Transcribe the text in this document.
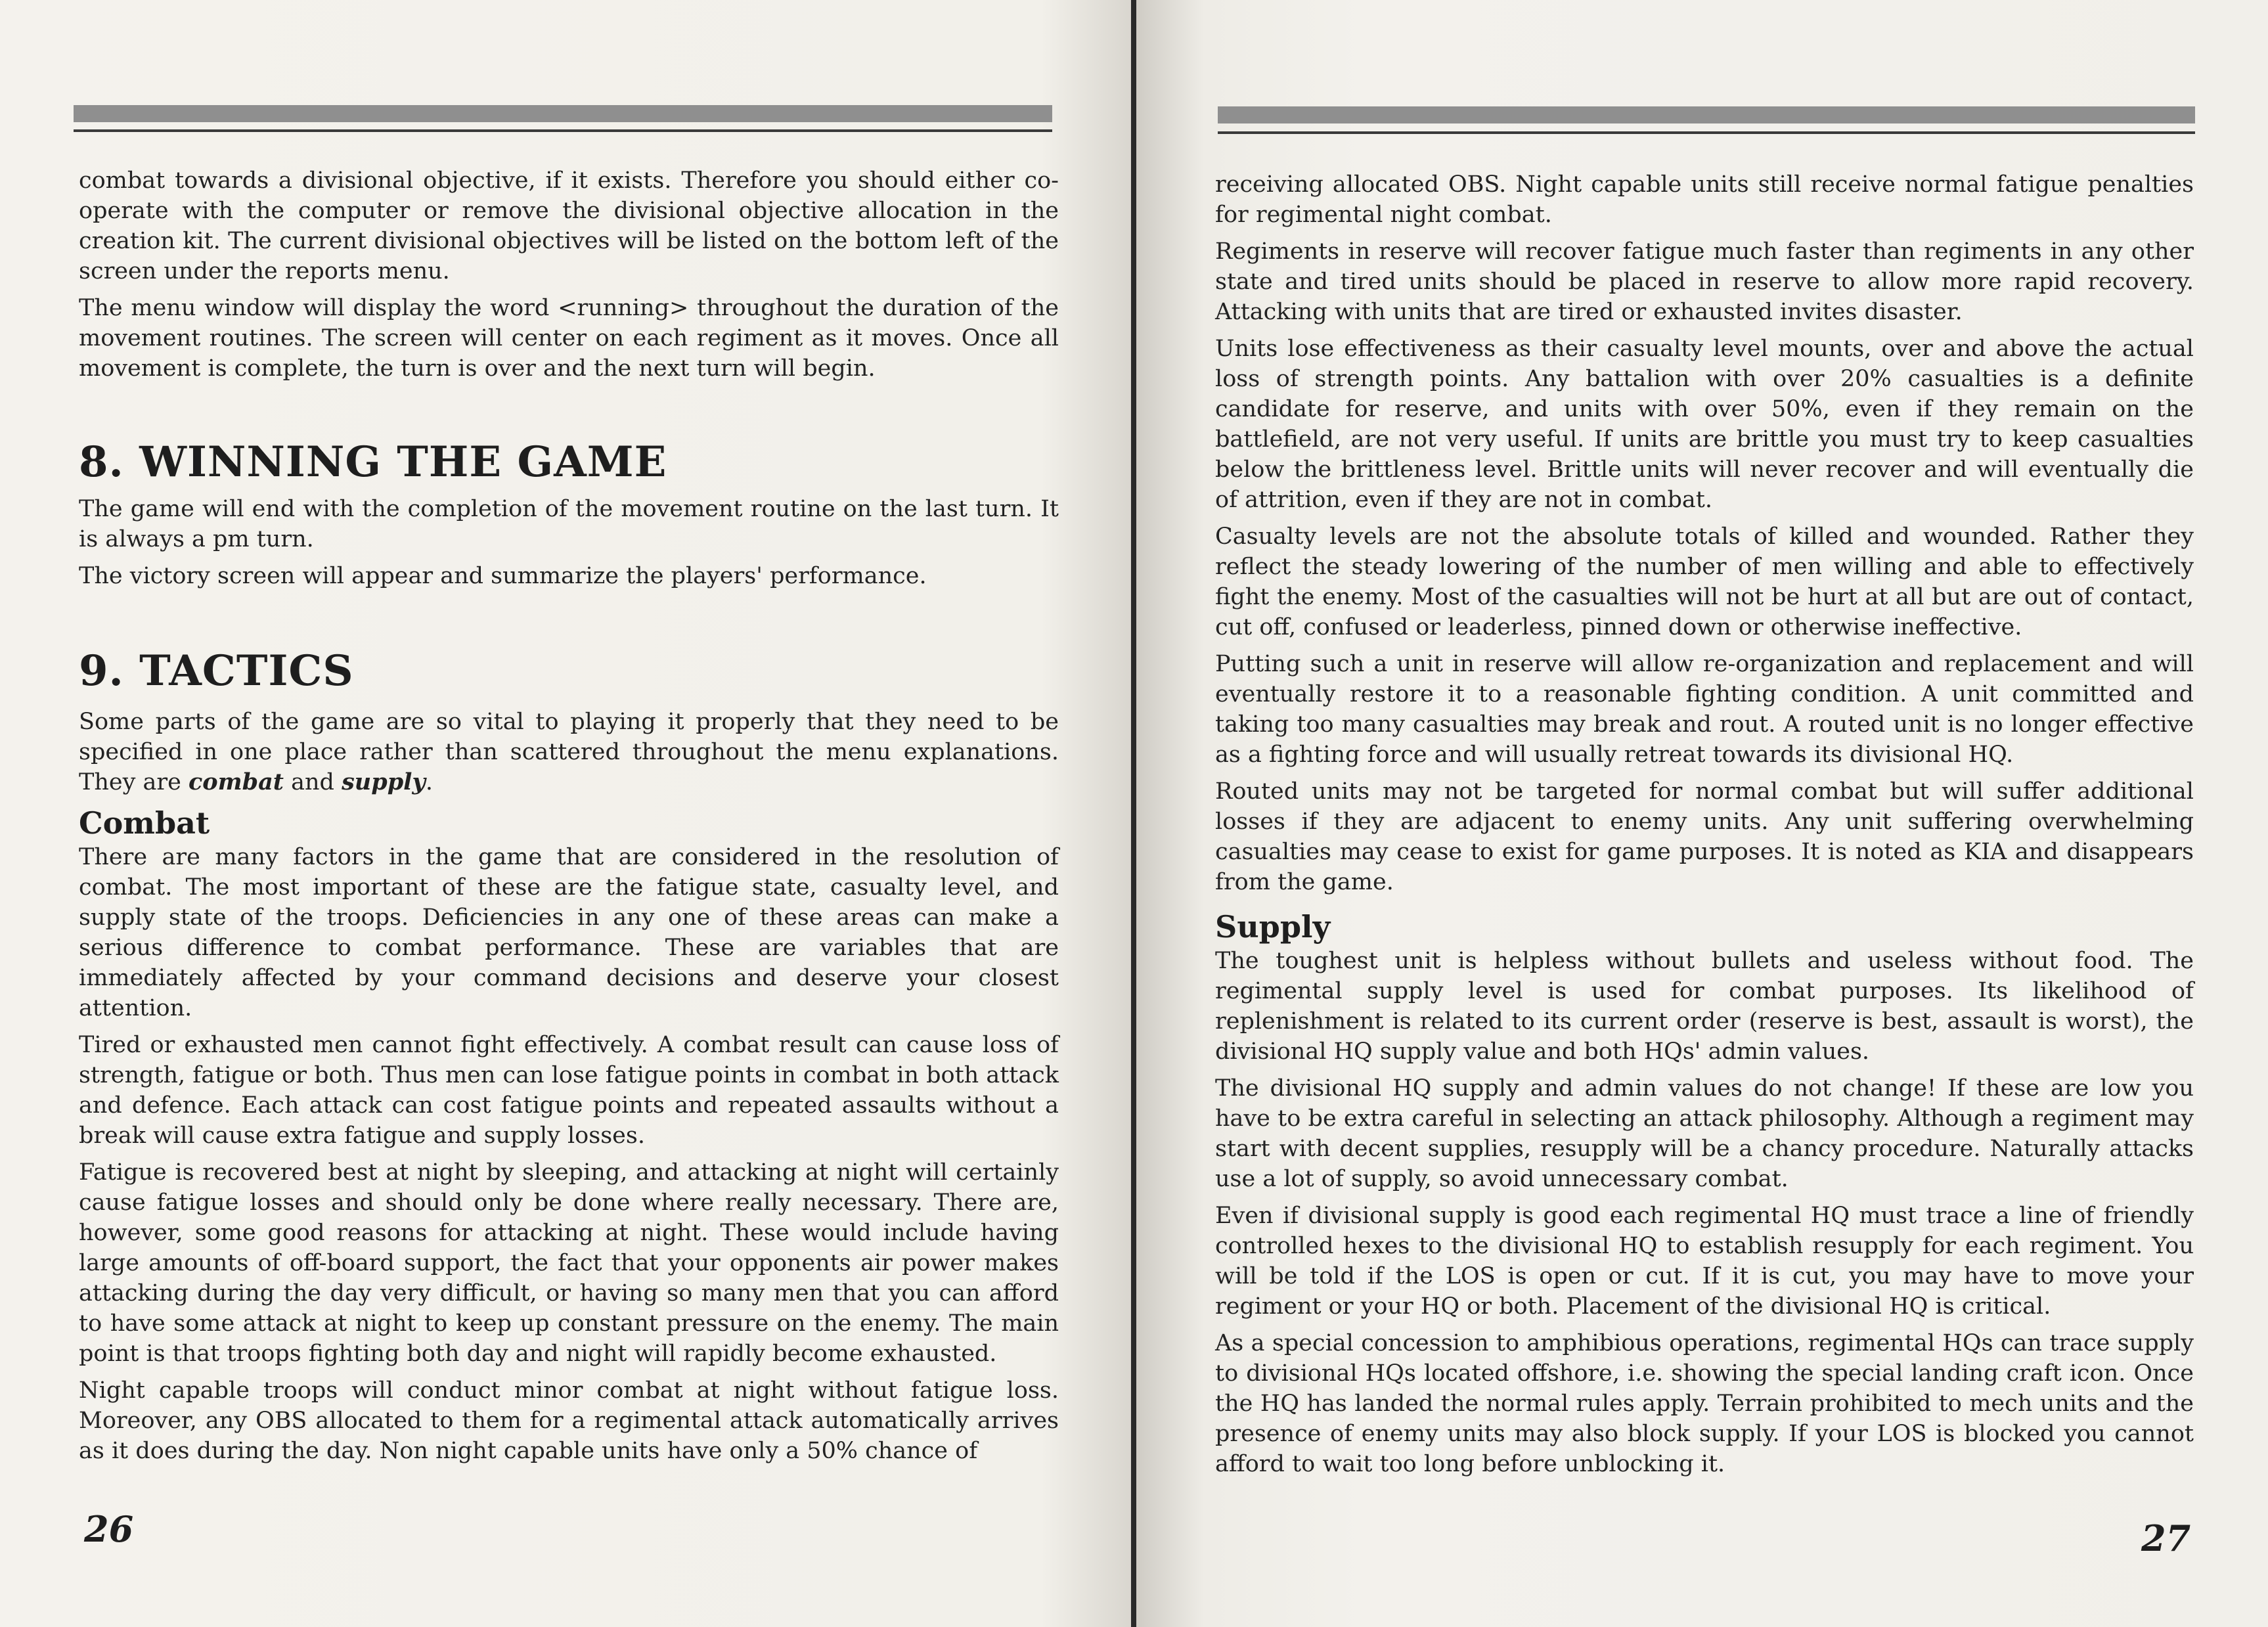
combat towards a divisional objective, if it exists. Therefore you should either co-operate with the computer or remove the divisional objective allocation in the creation kit. The current divisional objectives will be listed on the bottom left of the screen under the reports menu.

The menu window will display the word <running> throughout the duration of the movement routines. The screen will center on each regiment as it moves. Once all movement is complete, the turn is over and the next turn will begin.

8. WINNING THE GAME

The game will end with the completion of the movement routine on the last turn. It is always a pm turn.

The victory screen will appear and summarize the players' performance.

9. TACTICS

Some parts of the game are so vital to playing it properly that they need to be specified in one place rather than scattered throughout the menu explanations. They are combat and supply.

Combat

There are many factors in the game that are considered in the resolution of combat. The most important of these are the fatigue state, casualty level, and supply state of the troops. Deficiencies in any one of these areas can make a serious difference to combat performance. These are variables that are immediately affected by your command decisions and deserve your closest attention.

Tired or exhausted men cannot fight effectively. A combat result can cause loss of strength, fatigue or both. Thus men can lose fatigue points in combat in both attack and defence. Each attack can cost fatigue points and repeated assaults without a break will cause extra fatigue and supply losses.

Fatigue is recovered best at night by sleeping, and attacking at night will certainly cause fatigue losses and should only be done where really necessary. There are, however, some good reasons for attacking at night. These would include having large amounts of off-board support, the fact that your opponents air power makes attacking during the day very difficult, or having so many men that you can afford to have some attack at night to keep up constant pressure on the enemy. The main point is that troops fighting both day and night will rapidly become exhausted.

Night capable troops will conduct minor combat at night without fatigue loss. Moreover, any OBS allocated to them for a regimental attack automatically arrives as it does during the day. Non night capable units have only a 50% chance of

26

receiving allocated OBS. Night capable units still receive normal fatigue penalties for regimental night combat.

Regiments in reserve will recover fatigue much faster than regiments in any other state and tired units should be placed in reserve to allow more rapid recovery. Attacking with units that are tired or exhausted invites disaster.

Units lose effectiveness as their casualty level mounts, over and above the actual loss of strength points. Any battalion with over 20% casualties is a definite candidate for reserve, and units with over 50%, even if they remain on the battlefield, are not very useful. If units are brittle you must try to keep casualties below the brittleness level. Brittle units will never recover and will eventually die of attrition, even if they are not in combat.

Casualty levels are not the absolute totals of killed and wounded. Rather they reflect the steady lowering of the number of men willing and able to effectively fight the enemy. Most of the casualties will not be hurt at all but are out of contact, cut off, confused or leaderless, pinned down or otherwise ineffective.

Putting such a unit in reserve will allow re-organization and replacement and will eventually restore it to a reasonable fighting condition. A unit committed and taking too many casualties may break and rout. A routed unit is no longer effective as a fighting force and will usually retreat towards its divisional HQ.

Routed units may not be targeted for normal combat but will suffer additional losses if they are adjacent to enemy units. Any unit suffering overwhelming casualties may cease to exist for game purposes. It is noted as KIA and disappears from the game.

Supply

The toughest unit is helpless without bullets and useless without food. The regimental supply level is used for combat purposes. Its likelihood of replenishment is related to its current order (reserve is best, assault is worst), the divisional HQ supply value and both HQs' admin values.

The divisional HQ supply and admin values do not change! If these are low you have to be extra careful in selecting an attack philosophy. Although a regiment may start with decent supplies, resupply will be a chancy procedure. Naturally attacks use a lot of supply, so avoid unnecessary combat.

Even if divisional supply is good each regimental HQ must trace a line of friendly controlled hexes to the divisional HQ to establish resupply for each regiment. You will be told if the LOS is open or cut. If it is cut, you may have to move your regiment or your HQ or both. Placement of the divisional HQ is critical.

As a special concession to amphibious operations, regimental HQs can trace supply to divisional HQs located offshore, i.e. showing the special landing craft icon. Once the HQ has landed the normal rules apply. Terrain prohibited to mech units and the presence of enemy units may also block supply. If your LOS is blocked you cannot afford to wait too long before unblocking it.

27
